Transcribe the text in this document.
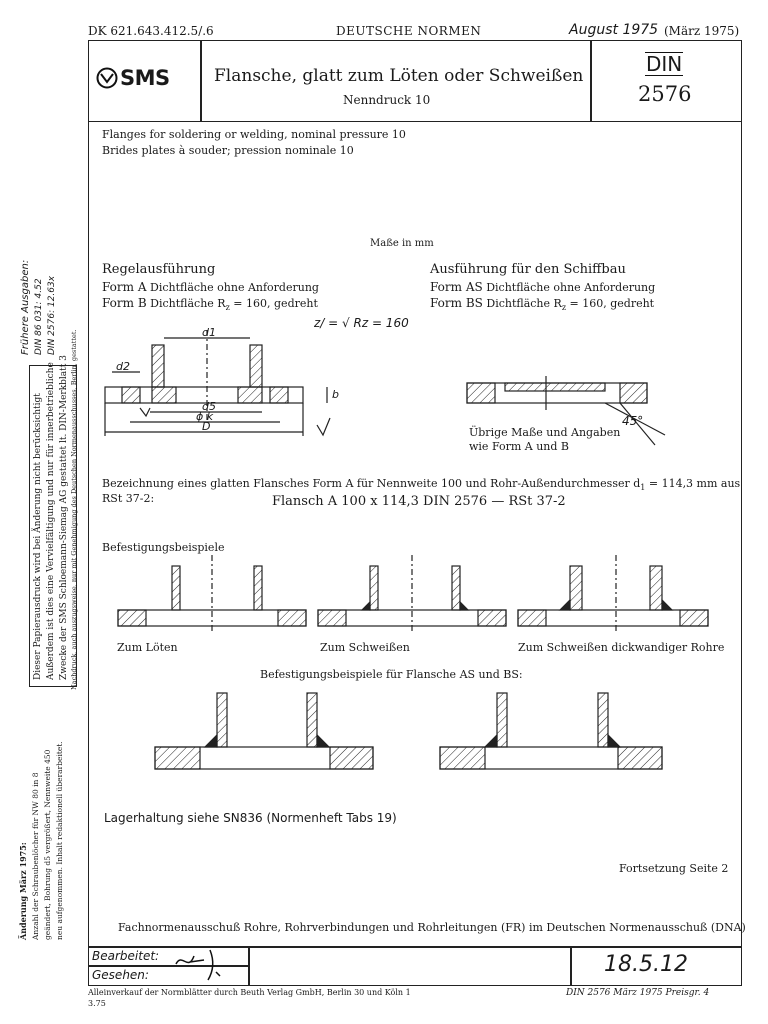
DK 621.643.412.5/.6	DEUTSCHE NORMEN	August 1975 (März 1975)
SMS	Flansche, glatt zum Löten oder Schweißen
Nenndruck 10
DIN
2576
Flanges for soldering or welding, nominal pressure 10
Brides plates à souder; pression nominale 10
Maße in mm
Regelausführung
Form A Dichtfläche ohne Anforderung
Form B Dichtfläche $R_z = 160$, gedreht
Ausführung für den Schiffbau
Form AS Dichtfläche ohne Anforderung
Form BS Dichtfläche $R_z = 160$, gedreht
z/ = √ Rz = 160
d1
d2
d5
ϕ k
D
b
45°
Übrige Maße und Angaben
wie Form A und B
Bezeichnung eines glatten Flansches Form A für Nennweite 100 und Rohr-Außendurchmesser $d_1 = 114,3$ mm aus
RSt 37-2:	Flansch A 100 x 114,3 DIN 2576 — RSt 37-2
Befestigungsbeispiele
Zum Löten	Zum Schweißen	Zum Schweißen dickwandiger Rohre
Befestigungsbeispiele für Flansche AS und BS:
Lagerhaltung siehe SN836 (Normenheft Tabs 19)
Fortsetzung Seite 2
Fachnormenausschuß Rohre, Rohrverbindungen und Rohrleitungen (FR) im Deutschen Normenausschuß (DNA)
Bearbeitet:
Gesehen:	18.5.12
Alleinverkauf der Normblätter durch Beuth Verlag GmbH, Berlin 30 und Köln 1
3.75
DIN 2576 März 1975 Preisgr. 4
Frühere Ausgaben: DIN 86 031: 4.52 DIN 2576: 12.63x
Dieser Papierausdruck wird bei Änderung nicht berücksichtigt Außerdem ist dies eine Vervielfältigung und nur für innerbetriebliche Zwecke der SMS Schloemann-Siemag AG gestattet lt. DIN-Merkblatt 3 Nachdruck, auch auszugsweise, nur mit Genehmigung des Deutschen Normenausschusses, Berlin, gestattet.
Änderung März 1975: Anzahl der Schraubenlöcher für NW 80 in 8 geändert, Bohrung d5 vergrößert, Nennweite 450 neu aufgenommen. Inhalt redaktionell überarbeitet.
